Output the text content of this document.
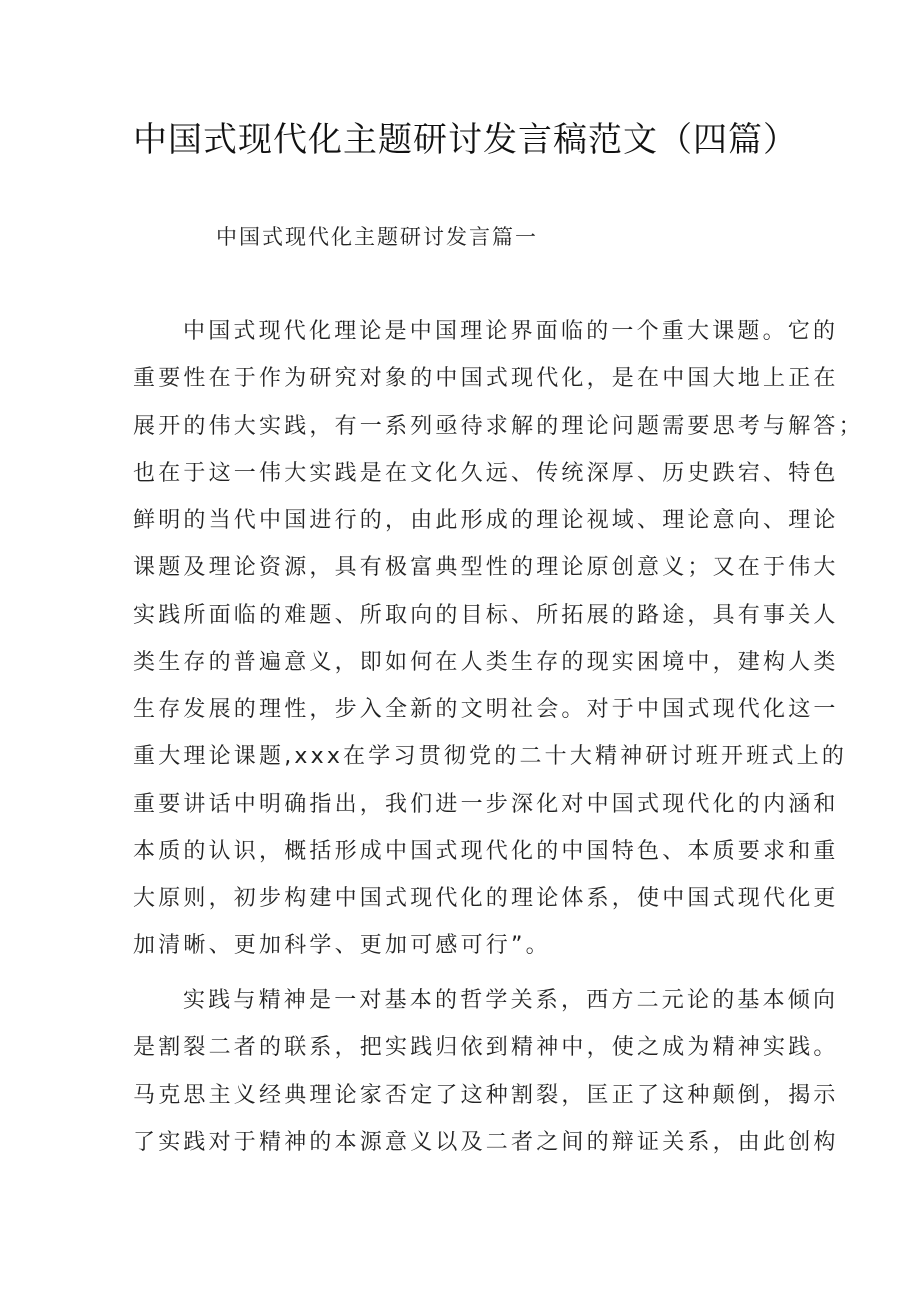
中国式现代化主题研讨发言稿范文（四篇）
中国式现代化主题研讨发言篇一

中国式现代化理论是中国理论界面临的一个重大课题。它的
重要性在于作为研究对象的中国式现代化，是在中国大地上正在
展开的伟大实践，有一系列亟待求解的理论问题需要思考与解答；
也在于这一伟大实践是在文化久远、传统深厚、历史跌宕、特色
鲜明的当代中国进行的，由此形成的理论视域、理论意向、理论
课题及理论资源，具有极富典型性的理论原创意义；又在于伟大
实践所面临的难题、所取向的目标、所拓展的路途，具有事关人
类生存的普遍意义，即如何在人类生存的现实困境中，建构人类
生存发展的理性，步入全新的文明社会。对于中国式现代化这一
重大理论课题,xxx在学习贯彻党的二十大精神研讨班开班式上的
重要讲话中明确指出，我们进一步深化对中国式现代化的内涵和
本质的认识，概括形成中国式现代化的中国特色、本质要求和重
大原则，初步构建中国式现代化的理论体系，使中国式现代化更
加清晰、更加科学、更加可感可行”。

实践与精神是一对基本的哲学关系，西方二元论的基本倾向
是割裂二者的联系，把实践归依到精神中，使之成为精神实践。
马克思主义经典理论家否定了这种割裂，匡正了这种颠倒，揭示
了实践对于精神的本源意义以及二者之间的辩证关系，由此创构
